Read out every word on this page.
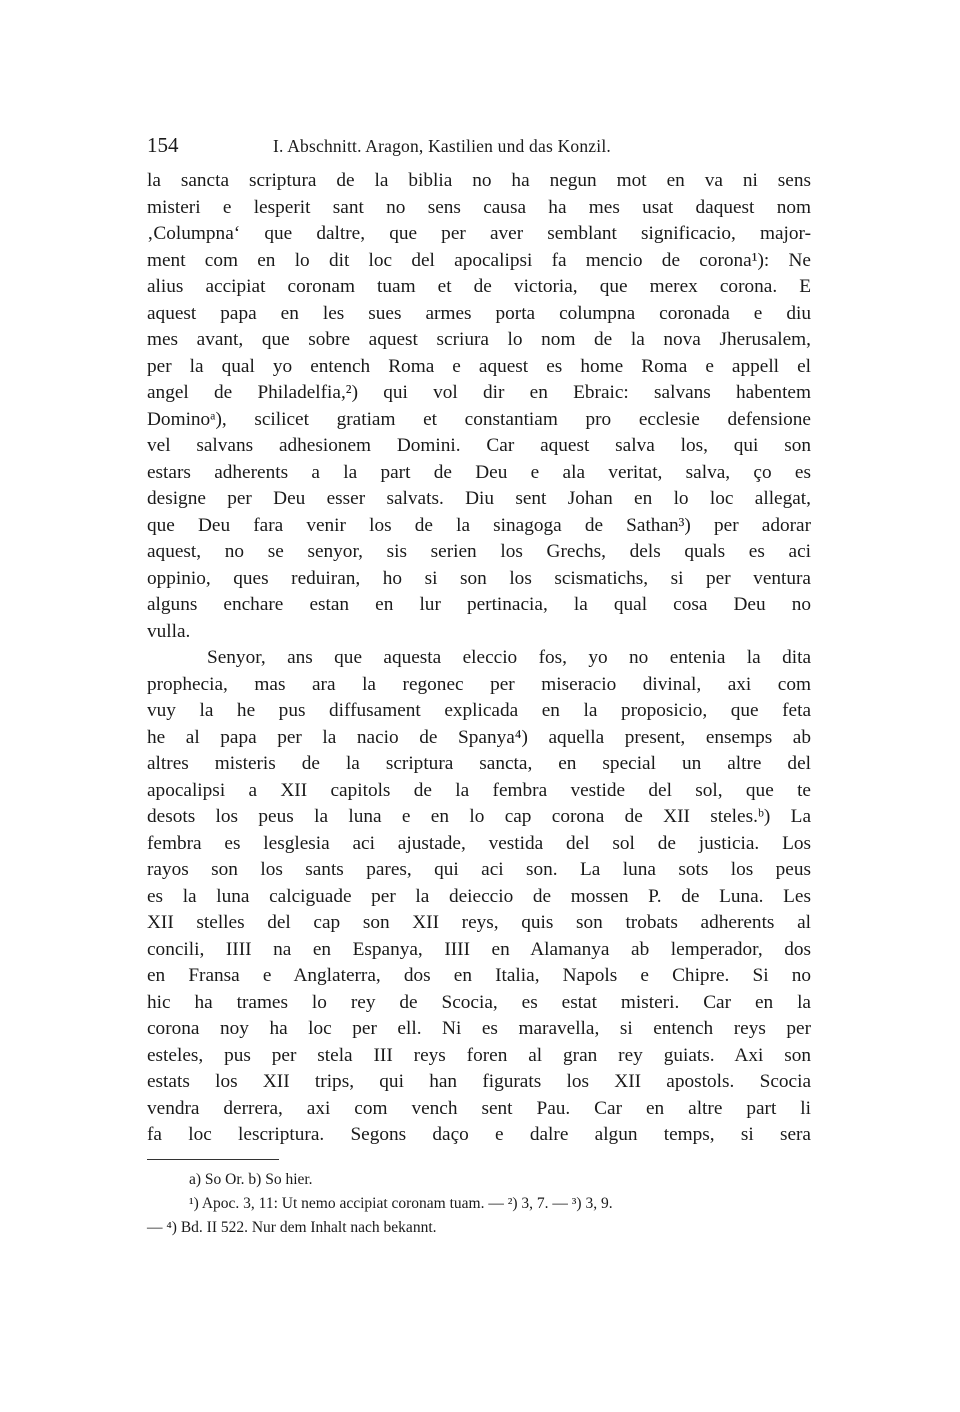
154	I. Abschnitt. Aragon, Kastilien und das Konzil.
la sancta scriptura de la biblia no ha negun mot en va ni sens
misteri e lesperit sant no sens causa ha mes usat daquest nom
‚Columpna‘ que daltre, que per aver semblant significacio, major-
ment com en lo dit loc del apocalipsi fa mencio de corona¹): Ne
alius accipiat coronam tuam et de victoria, que merex corona. E
aquest papa en les sues armes porta columpna coronada e diu
mes avant, que sobre aquest scriura lo nom de la nova Jherusalem,
per la qual yo entench Roma e aquest es home Roma e appell el
angel de Philadelfia,²) qui vol dir en Ebraic: salvans habentem
Dominoᵃ), scilicet gratiam et constantiam pro ecclesie defensione
vel salvans adhesionem Domini. Car aquest salva los, qui son
estars adherents a la part de Deu e ala veritat, salva, ço es
designe per Deu esser salvats. Diu sent Johan en lo loc allegat,
que Deu fara venir los de la sinagoga de Sathan³) per adorar
aquest, no se senyor, sis serien los Grechs, dels quals es aci
oppinio, ques reduiran, ho si son los scismatichs, si per ventura
alguns enchare estan en lur pertinacia, la qual cosa Deu no
vulla.
Senyor, ans que aquesta eleccio fos, yo no entenia la dita
prophecia, mas ara la regonec per miseracio divinal, axi com
vuy la he pus diffusament explicada en la proposicio, que feta
he al papa per la nacio de Spanya⁴) aquella present, ensemps ab
altres misteris de la scriptura sancta, en special un altre del
apocalipsi a XII capitols de la fembra vestide del sol, que te
desots los peus la luna e en lo cap corona de XII steles.ᵇ) La
fembra es lesglesia aci ajustade, vestida del sol de justicia. Los
rayos son los sants pares, qui aci son. La luna sots los peus
es la luna calciguade per la deieccio de mossen P. de Luna. Les
XII stelles del cap son XII reys, quis son trobats adherents al
concili, IIII na en Espanya, IIII en Alamanya ab lemperador, dos
en Fransa e Anglaterra, dos en Italia, Napols e Chipre. Si no
hic ha trames lo rey de Scocia, es estat misteri. Car en la
corona noy ha loc per ell. Ni es maravella, si entench reys per
esteles, pus per stela III reys foren al gran rey guiats. Axi son
estats los XII trips, qui han figurats los XII apostols. Scocia
vendra derrera, axi com vench sent Pau. Car en altre part li
fa loc lescriptura. Segons daço e dalre algun temps, si sera
a) So Or. b) So hier.
¹) Apoc. 3, 11: Ut nemo accipiat coronam tuam. — ²) 3, 7. — ³) 3, 9.
— ⁴) Bd. II 522. Nur dem Inhalt nach bekannt.
